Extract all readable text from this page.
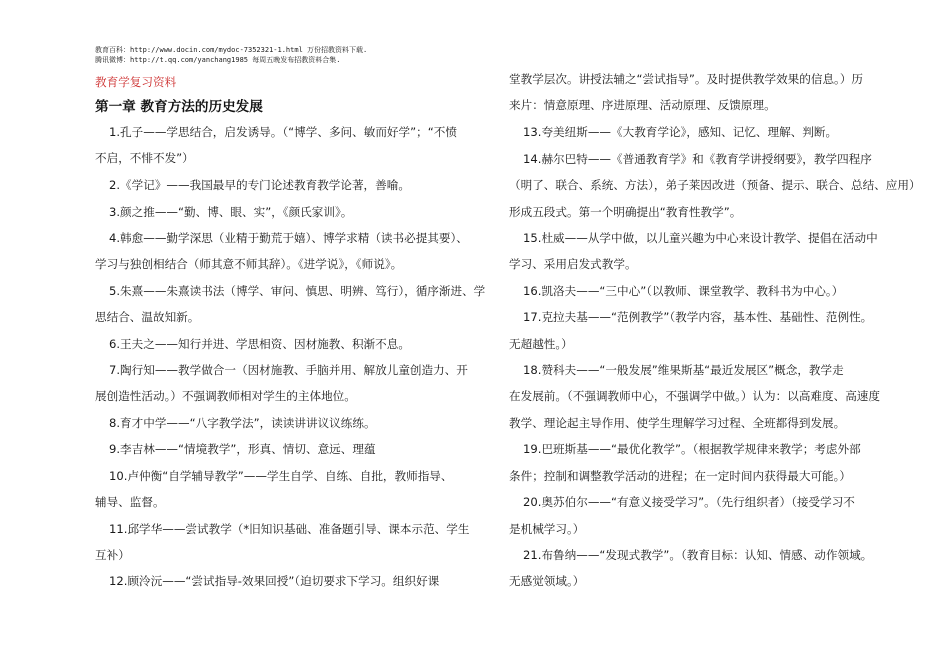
教育百科：http://www.docin.com/mydoc-7352321-1.html 万份招教资料下载.
腾讯微博：http://t.qq.com/yanchang1985 每周五晚发布招教资料合集.
教育学复习资料
第一章 教育方法的历史发展
1.孔子——学思结合，启发诱导。（“博学、多问、敏而好学”；“不愤
不启，不悱不发”）
2.《学记》——我国最早的专门论述教育教学论著，善喻。
3.颜之推——“勤、博、眼、实”，《颜氏家训》。
4.韩愈——勤学深思（业精于勤荒于嬉）、博学求精（读书必提其要）、
学习与独创相结合（师其意不师其辞）。《进学说》，《师说》。
5.朱熹——朱熹读书法（博学、审问、慎思、明辨、笃行），循序渐进、学
思结合、温故知新。
6.王夫之——知行并进、学思相资、因材施教、积渐不息。
7.陶行知——教学做合一（因材施教、手脑并用、解放儿童创造力、开
展创造性活动。）不强调教师相对学生的主体地位。
8.育才中学——“八字教学法”，读读讲讲议议练练。
9.李吉林——“情境教学”，形真、情切、意远、理蕴
10.卢仲衡“自学辅导教学”——学生自学、自练、自批，教师指导、
辅导、监督。
11.邱学华——尝试教学（*旧知识基础、准备题引导、课本示范、学生
互补）
12.顾泠沅——“尝试指导-效果回授”（迫切要求下学习。组织好课
堂教学层次。讲授法辅之“尝试指导”。及时提供教学效果的信息。）历
来片：情意原理、序进原理、活动原理、反馈原理。
13.夸美纽斯——《大教育学论》，感知、记忆、理解、判断。
14.赫尔巴特——《普通教育学》和《教育学讲授纲要》，教学四程序
（明了、联合、系统、方法），弟子莱因改进（预备、提示、联合、总结、应用）
形成五段式。第一个明确提出“教育性教学”。
15.杜威——从学中做，以儿童兴趣为中心来设计教学、提倡在活动中
学习、采用启发式教学。
16.凯洛夫——“三中心”（以教师、课堂教学、教科书为中心。）
17.克拉夫基——“范例教学”（教学内容，基本性、基础性、范例性。
无超越性。）
18.赞科夫——“一般发展”维果斯基“最近发展区”概念，教学走
在发展前。（不强调教师中心，不强调学中做。）认为：以高难度、高速度
教学、理论起主导作用、使学生理解学习过程、全班都得到发展。
19.巴班斯基——“最优化教学”。（根据教学规律来教学；考虑外部
条件；控制和调整教学活动的进程；在一定时间内获得最大可能。）
20.奥苏伯尔——“有意义接受学习”。（先行组织者）（接受学习不
是机械学习。）
21.布鲁纳——“发现式教学”。（教育目标：认知、情感、动作领域。
无感觉领域。）
